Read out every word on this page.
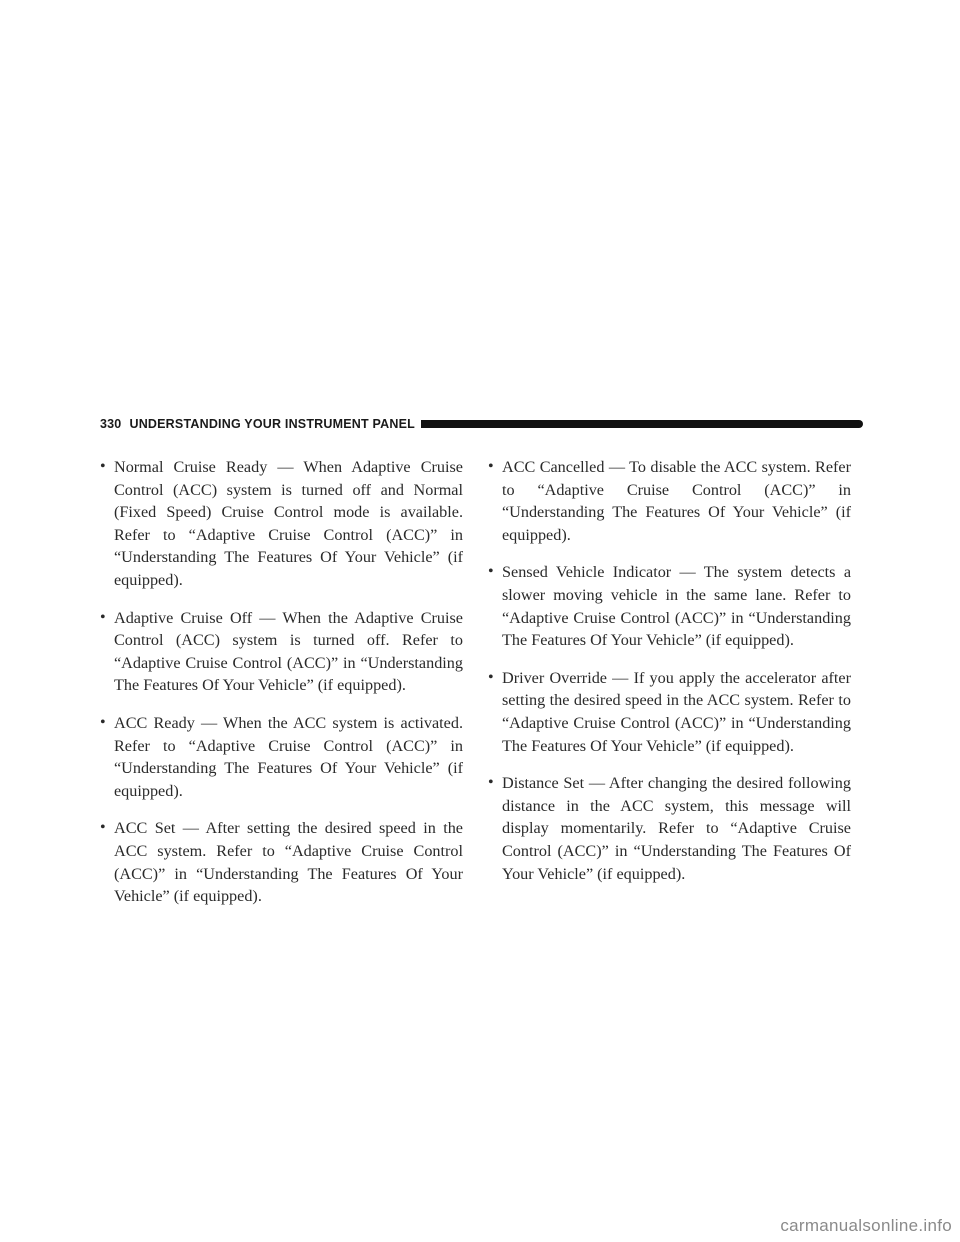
330 UNDERSTANDING YOUR INSTRUMENT PANEL
• Normal Cruise Ready — When Adaptive Cruise Control (ACC) system is turned off and Normal (Fixed Speed) Cruise Control mode is available. Refer to “Adaptive Cruise Control (ACC)” in “Understanding The Features Of Your Vehicle” (if equipped).
• Adaptive Cruise Off — When the Adaptive Cruise Control (ACC) system is turned off. Refer to “Adaptive Cruise Control (ACC)” in “Understanding The Features Of Your Vehicle” (if equipped).
• ACC Ready — When the ACC system is activated. Refer to “Adaptive Cruise Control (ACC)” in “Understanding The Features Of Your Vehicle” (if equipped).
• ACC Set — After setting the desired speed in the ACC system. Refer to “Adaptive Cruise Control (ACC)” in “Understanding The Features Of Your Vehicle” (if equipped).
• ACC Cancelled — To disable the ACC system. Refer to “Adaptive Cruise Control (ACC)” in “Understanding The Features Of Your Vehicle” (if equipped).
• Sensed Vehicle Indicator — The system detects a slower moving vehicle in the same lane. Refer to “Adaptive Cruise Control (ACC)” in “Understanding The Features Of Your Vehicle” (if equipped).
• Driver Override — If you apply the accelerator after setting the desired speed in the ACC system. Refer to “Adaptive Cruise Control (ACC)” in “Understanding The Features Of Your Vehicle” (if equipped).
• Distance Set — After changing the desired following distance in the ACC system, this message will display momentarily. Refer to “Adaptive Cruise Control (ACC)” in “Understanding The Features Of Your Vehicle” (if equipped).
carmanualsonline.info
